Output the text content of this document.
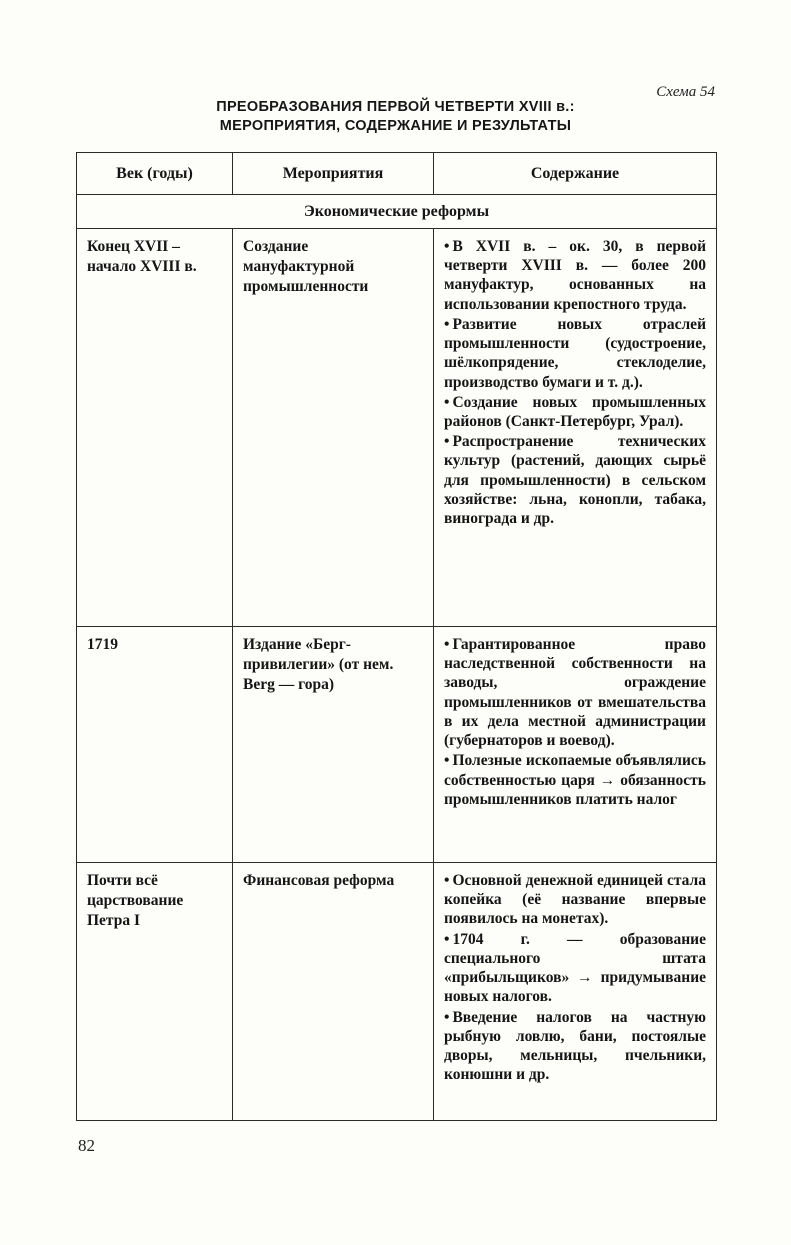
Схема 54
ПРЕОБРАЗОВАНИЯ ПЕРВОЙ ЧЕТВЕРТИ XVIII в.:
МЕРОПРИЯТИЯ, СОДЕРЖАНИЕ И РЕЗУЛЬТАТЫ
Век (годы)	Мероприятия	Содержание
Экономические реформы		
Конец XVII – начало XVIII в.	Создание мануфактурной промышленности	• В XVII в. – ок. 30, в первой четверти XVIII в. — более 200 мануфактур, основанных на использовании крепостного труда.
• Развитие новых отраслей промышленности (судостроение, шёлкопрядение, стеклоделие, производство бумаги и т. д.).
• Создание новых промышленных районов (Санкт-Петербург, Урал).
• Распространение технических культур (растений, дающих сырьё для промышленности) в сельском хозяйстве: льна, конопли, табака, винограда и др.

1719	Издание «Берг-привилегии» (от нем. Berg — гора)	• Гарантированное право наследственной собственности на заводы, ограждение промышленников от вмешательства в их дела местной администрации (губернаторов и воевод).
• Полезные ископаемые объявлялись собственностью царя → обязанность промышленников платить налог

Почти всё царствование Петра I	Финансовая реформа	• Основной денежной единицей стала копейка (её название впервые появилось на монетах).
• 1704 г. — образование специального штата «прибыльщиков» → придумывание новых налогов.
• Введение налогов на частную рыбную ловлю, бани, постоялые дворы, мельницы, пчельники, конюшни и др.
82
